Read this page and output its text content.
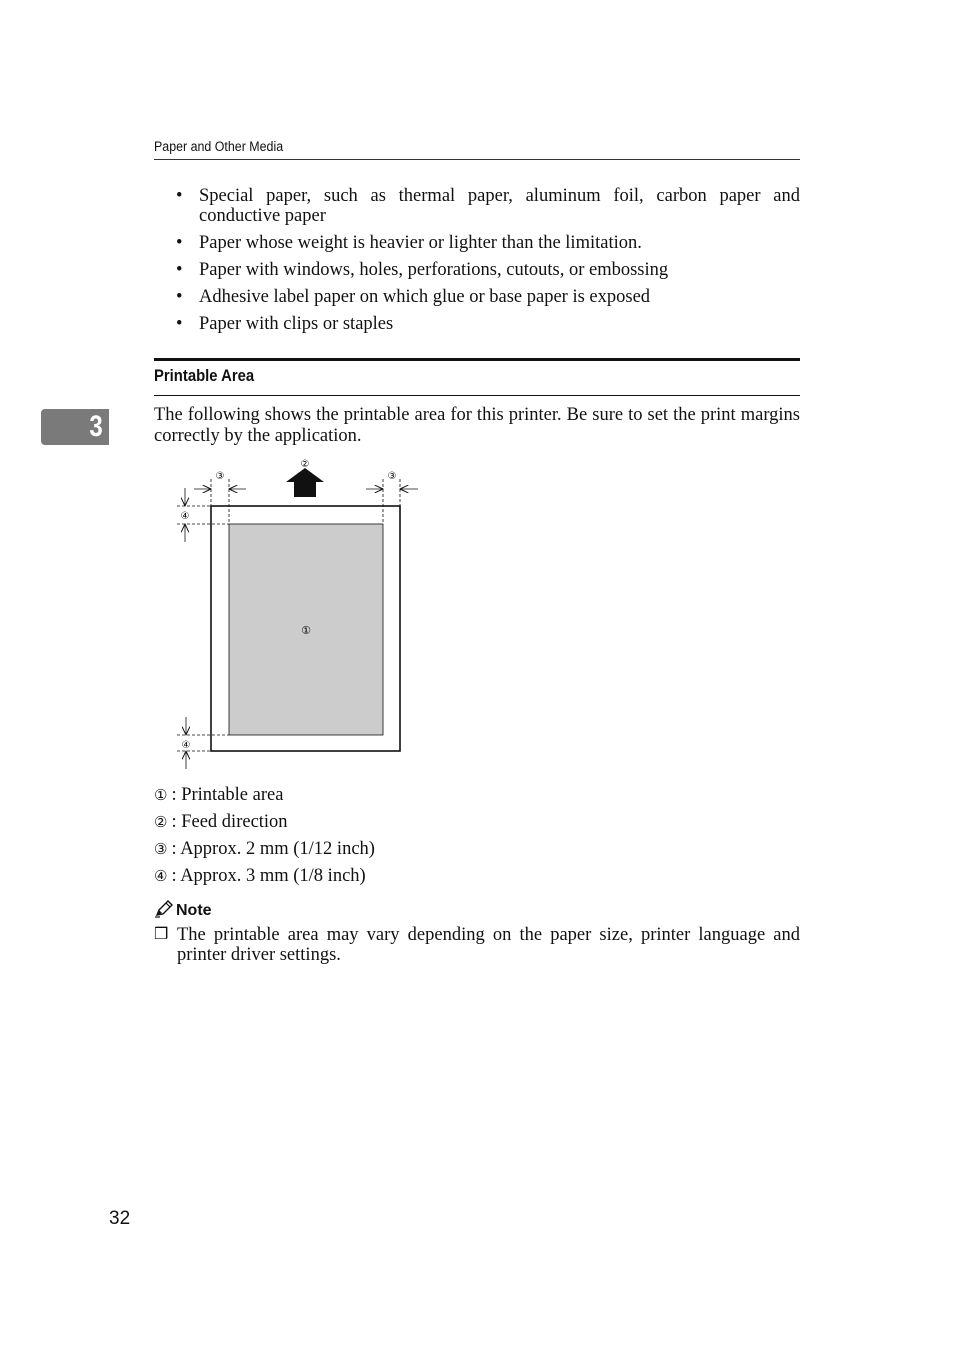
Paper and Other Media
• Special paper, such as thermal paper, aluminum foil, carbon paper and conductive paper
• Paper whose weight is heavier or lighter than the limitation.
• Paper with windows, holes, perforations, cutouts, or embossing
• Adhesive label paper on which glue or base paper is exposed
• Paper with clips or staples
Printable Area
3	The following shows the printable area for this printer. Be sure to set the print margins correctly by the application.

①
②
③	③
④
④
① : Printable area
② : Feed direction
③ : Approx. 2 mm (1/12 inch)
④ : Approx. 3 mm (1/8 inch)
Note
❒ The printable area may vary depending on the paper size, printer language and printer driver settings.
32
